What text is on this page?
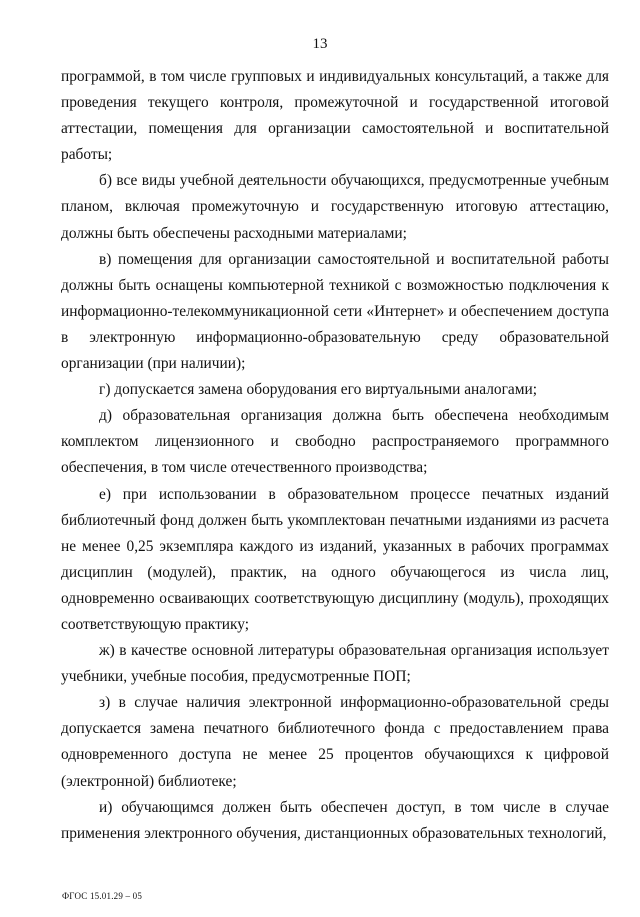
13

программой, в том числе групповых и индивидуальных консультаций, а также для проведения текущего контроля, промежуточной и государственной итоговой аттестации, помещения для организации самостоятельной и воспитательной работы;

б) все виды учебной деятельности обучающихся, предусмотренные учебным планом, включая промежуточную и государственную итоговую аттестацию, должны быть обеспечены расходными материалами;

в) помещения для организации самостоятельной и воспитательной работы должны быть оснащены компьютерной техникой с возможностью подключения к информационно-телекоммуникационной сети «Интернет» и обеспечением доступа в электронную информационно-образовательную среду образовательной организации (при наличии);

г) допускается замена оборудования его виртуальными аналогами;

д) образовательная организация должна быть обеспечена необходимым комплектом лицензионного и свободно распространяемого программного обеспечения, в том числе отечественного производства;

е) при использовании в образовательном процессе печатных изданий библиотечный фонд должен быть укомплектован печатными изданиями из расчета не менее 0,25 экземпляра каждого из изданий, указанных в рабочих программах дисциплин (модулей), практик, на одного обучающегося из числа лиц, одновременно осваивающих соответствующую дисциплину (модуль), проходящих соответствующую практику;

ж) в качестве основной литературы образовательная организация использует учебники, учебные пособия, предусмотренные ПОП;

з) в случае наличия электронной информационно-образовательной среды допускается замена печатного библиотечного фонда с предоставлением права одновременного доступа не менее 25 процентов обучающихся к цифровой (электронной) библиотеке;

и) обучающимся должен быть обеспечен доступ, в том числе в случае применения электронного обучения, дистанционных образовательных технологий,

ФГОС 15.01.29 – 05
